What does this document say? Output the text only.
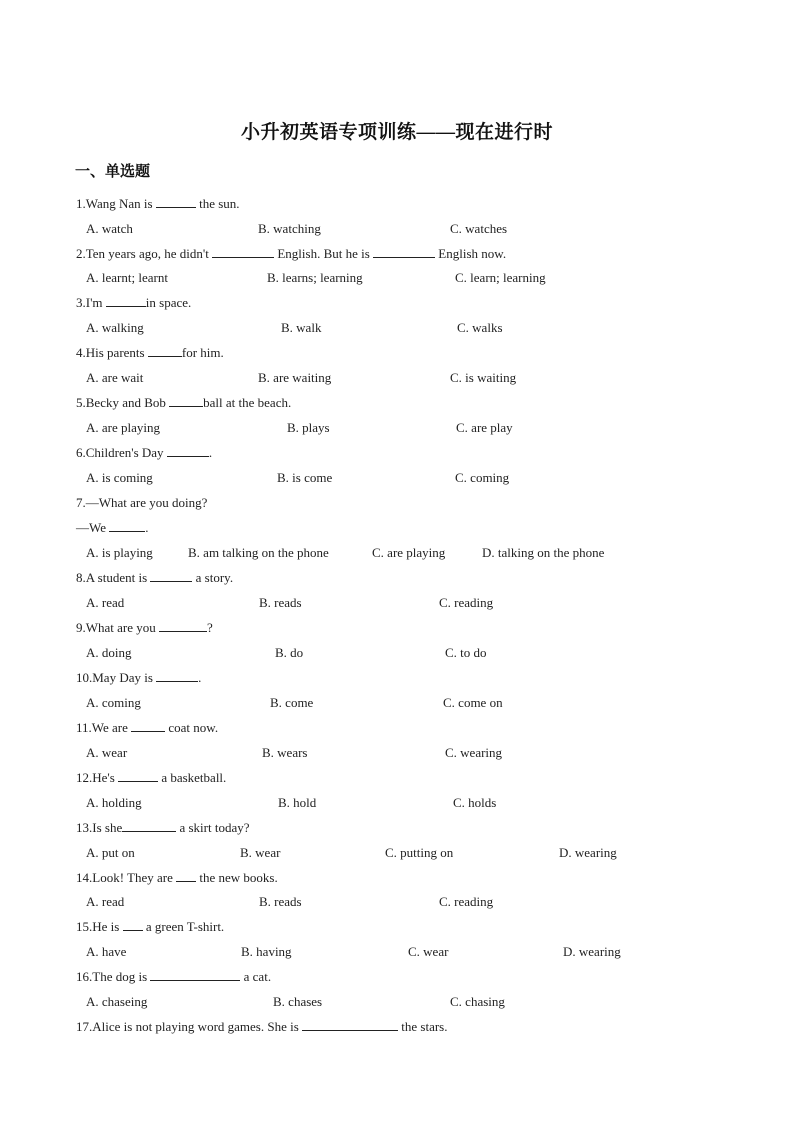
小升初英语专项训练——现在进行时
一、单选题
1.Wang Nan is	the sun.
A. watch	B. watching	C. watches
2.Ten years ago, he didn't	English. But he is	English now.
A. learnt; learnt	B. learns; learning	C. learn; learning
3.I'm	in space.
A. walking	B. walk	C. walks
4.His parents	for him.
A. are wait	B. are waiting	C. is waiting
5.Becky and Bob	ball at the beach.
A. are playing	B. plays	C. are play
6.Children's Day	.
A. is coming	B. is come	C. coming
7.—What are you doing?
—We	.
A. is playing	B. am talking on the phone	C. are playing	D. talking on the phone
8.A student is	a story.
A. read	B. reads	C. reading
9.What are you	?
A. doing	B. do	C. to do
10.May Day is	.
A. coming	B. come	C. come on
11.We are	coat now.
A. wear	B. wears	C. wearing
12.He's	a basketball.
A. holding	B. hold	C. holds
13.Is she	a skirt today?
A. put on	B. wear	C. putting on	D. wearing
14.Look! They are  the new books.
A. read	B. reads	C. reading
15.He is  a green T-shirt.
A. have	B. having	C. wear	D. wearing
16.The dog is	a cat.
A. chaseing	B. chases	C. chasing
17.Alice is not playing word games. She is	the stars.
